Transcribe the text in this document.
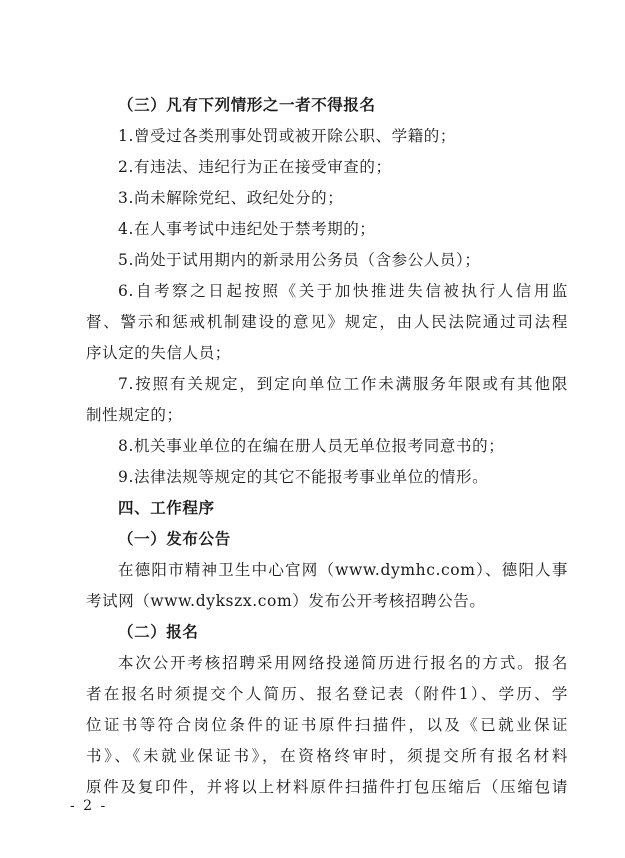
（三）凡有下列情形之一者不得报名
1.曾受过各类刑事处罚或被开除公职、学籍的；
2.有违法、违纪行为正在接受审查的；
3.尚未解除党纪、政纪处分的；
4.在人事考试中违纪处于禁考期的；
5.尚处于试用期内的新录用公务员（含参公人员）；
6.自考察之日起按照《关于加快推进失信被执行人信用监
督、警示和惩戒机制建设的意见》规定，由人民法院通过司法程
序认定的失信人员；
7.按照有关规定，到定向单位工作未满服务年限或有其他限
制性规定的；
8.机关事业单位的在编在册人员无单位报考同意书的；
9.法律法规等规定的其它不能报考事业单位的情形。
四、工作程序
（一）发布公告
在德阳市精神卫生中心官网（www.dymhc.com）、德阳人事
考试网（www.dykszx.com）发布公开考核招聘公告。
（二）报名
本次公开考核招聘采用网络投递简历进行报名的方式。报名
者在报名时须提交个人简历、报名登记表（附件1）、学历、学
位证书等符合岗位条件的证书原件扫描件，以及《已就业保证
书》、《未就业保证书》，在资格终审时，须提交所有报名材料
原件及复印件，并将以上材料原件扫描件打包压缩后（压缩包请
- 2 -
